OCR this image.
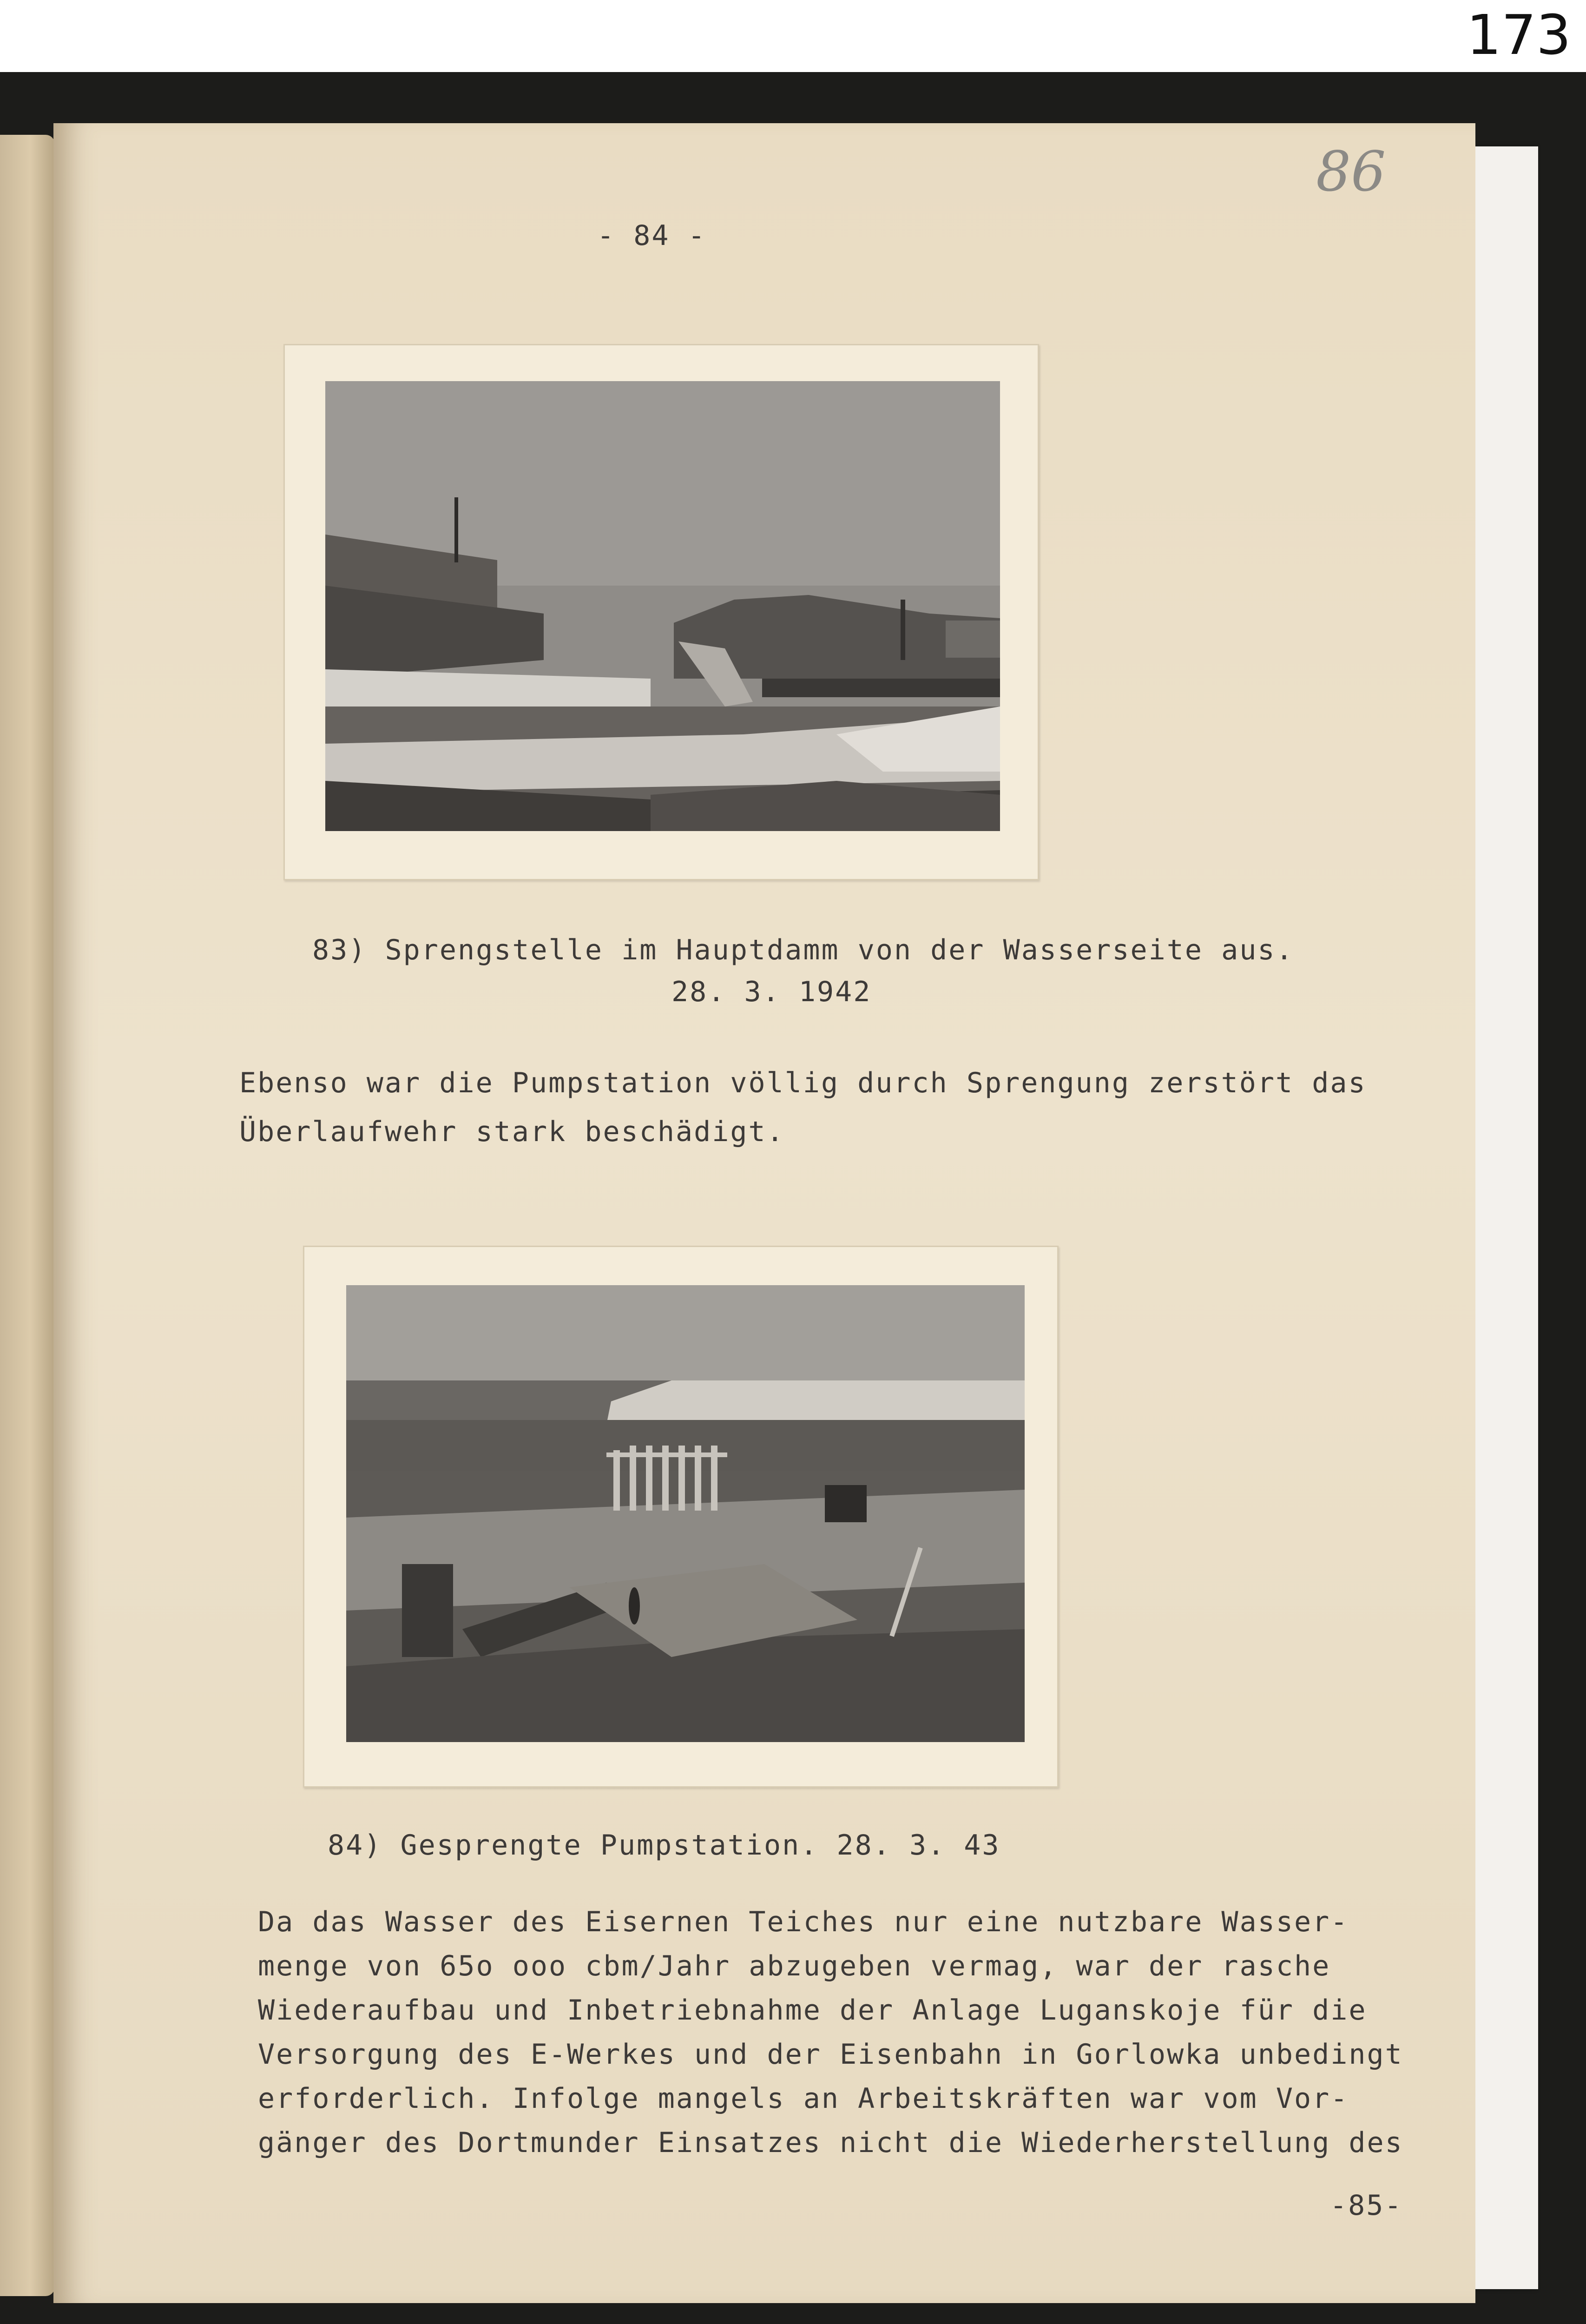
173
- 84 -
86
83) Sprengstelle im Hauptdamm von der Wasserseite aus.
28. 3. 1942
Ebenso war die Pumpstation völlig durch Sprengung zerstört das
Überlaufwehr stark beschädigt.
84) Gesprengte Pumpstation. 28. 3. 43
Da das Wasser des Eisernen Teiches nur eine nutzbare Wasser-
menge von 65o ooo cbm/Jahr abzugeben vermag, war der rasche
Wiederaufbau und Inbetriebnahme der Anlage Luganskoje für die
Versorgung des E-Werkes und der Eisenbahn in Gorlowka unbedingt
erforderlich. Infolge mangels an Arbeitskräften war vom Vor-
gänger des Dortmunder Einsatzes nicht die Wiederherstellung des
-85-
